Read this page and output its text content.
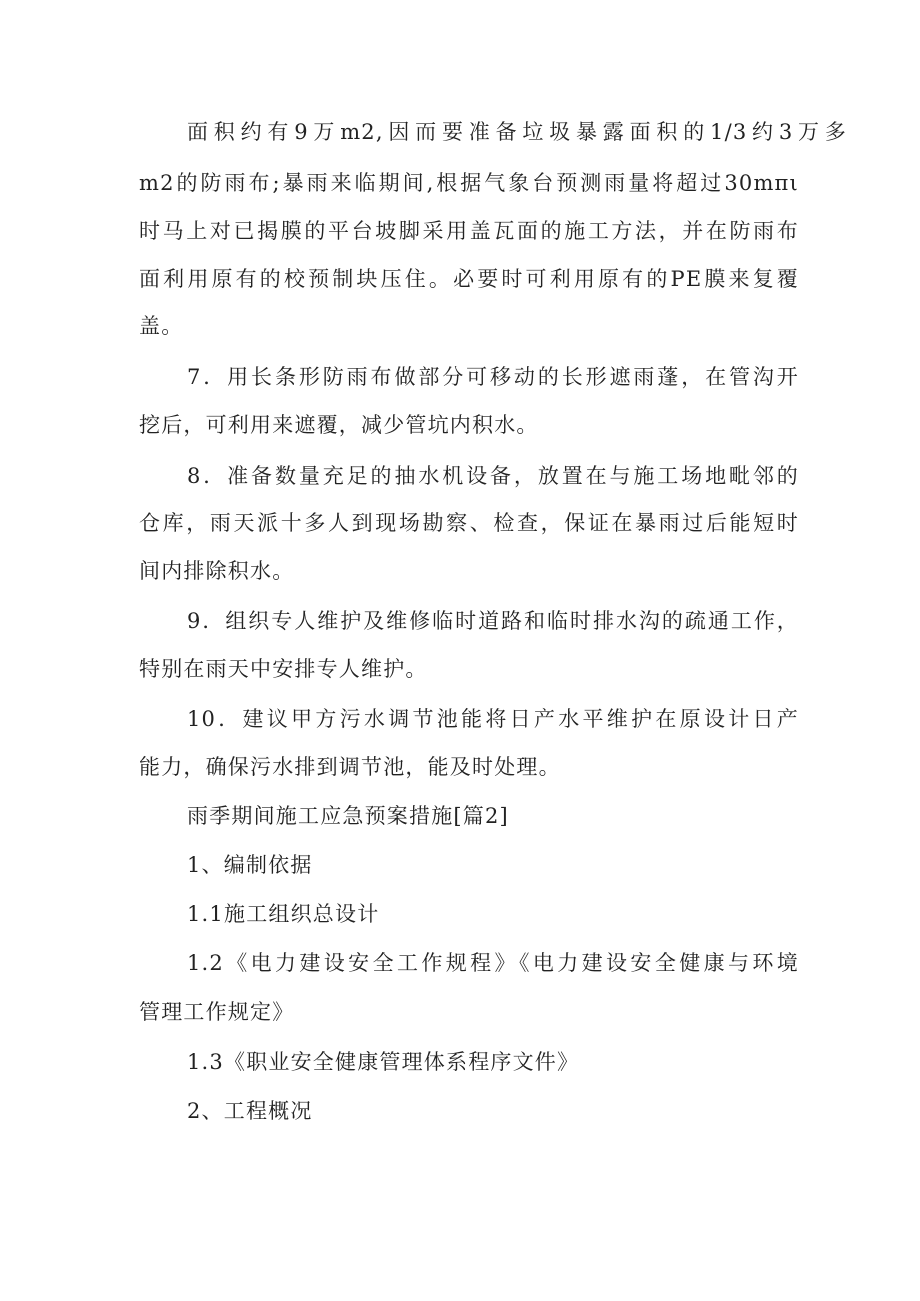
面积约有9万m2,因而要准备垃圾暴露面积的1/3约3万多
m2的防雨布;暴雨来临期间,根据气象台预测雨量将超过30mπι
时马上对已揭膜的平台坡脚采用盖瓦面的施工方法，并在防雨布
面利用原有的校预制块压住。必要时可利用原有的PE膜来复覆
盖。
7．用长条形防雨布做部分可移动的长形遮雨蓬，在管沟开
挖后，可利用来遮覆，减少管坑内积水。
8．准备数量充足的抽水机设备，放置在与施工场地毗邻的
仓库，雨天派十多人到现场勘察、检查，保证在暴雨过后能短时
间内排除积水。
9．组织专人维护及维修临时道路和临时排水沟的疏通工作，
特别在雨天中安排专人维护。
10．建议甲方污水调节池能将日产水平维护在原设计日产
能力，确保污水排到调节池，能及时处理。
雨季期间施工应急预案措施[篇2]
1、编制依据
1.1施工组织总设计
1.2《电力建设安全工作规程》《电力建设安全健康与环境
管理工作规定》
1.3《职业安全健康管理体系程序文件》
2、工程概况
